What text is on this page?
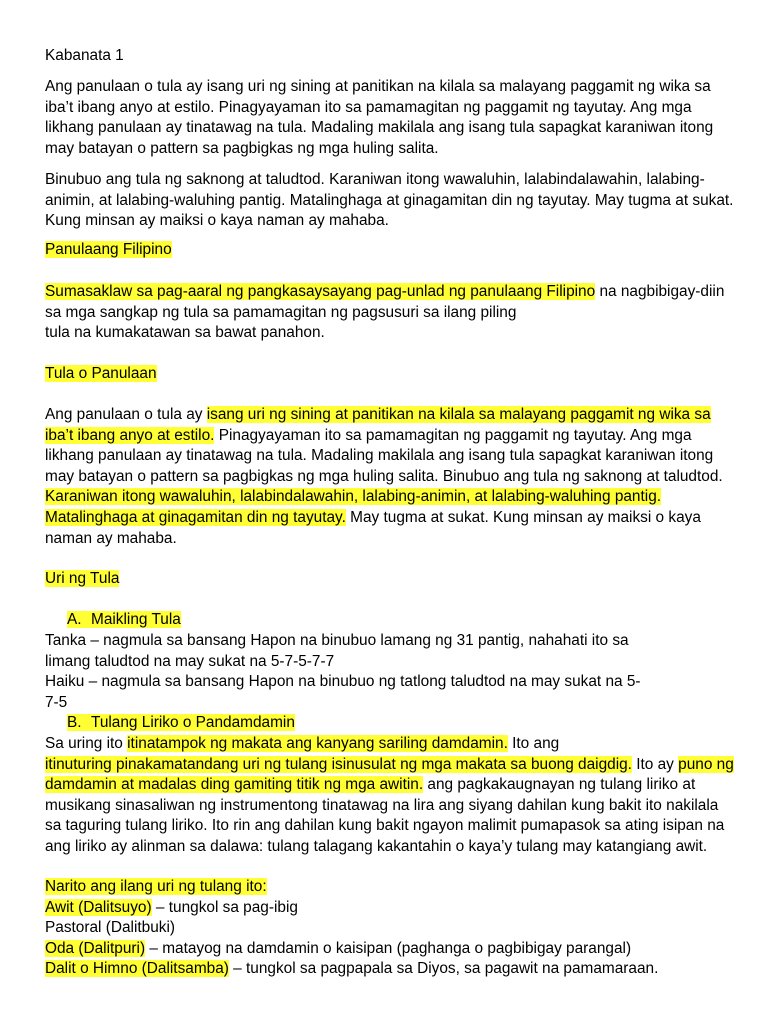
Kabanata 1

Ang panulaan o tula ay isang uri ng sining at panitikan na kilala sa malayang paggamit ng wika sa iba’t ibang anyo at estilo. Pinagyayaman ito sa pamamagitan ng paggamit ng tayutay. Ang mga likhang panulaan ay tinatawag na tula. Madaling makilala ang isang tula sapagkat karaniwan itong may batayan o pattern sa pagbigkas ng mga huling salita.

Binubuo ang tula ng saknong at taludtod. Karaniwan itong wawaluhin, lalabindalawahin, lalabing-animin, at lalabing-waluhing pantig. Matalinghaga at ginagamitan din ng tayutay. May tugma at sukat. Kung minsan ay maiksi o kaya naman ay mahaba.

Panulaang Filipino

Sumasaklaw sa pag-aaral ng pangkasaysayang pag-unlad ng panulaang Filipino na nagbibigay-diin sa mga sangkap ng tula sa pamamagitan ng pagsusuri sa ilang piling
tula na kumakatawan sa bawat panahon.

Tula o Panulaan

Ang panulaan o tula ay isang uri ng sining at panitikan na kilala sa malayang paggamit ng wika sa iba’t ibang anyo at estilo. Pinagyayaman ito sa pamamagitan ng paggamit ng tayutay. Ang mga likhang panulaan ay tinatawag na tula. Madaling makilala ang isang tula sapagkat karaniwan itong may batayan o pattern sa pagbigkas ng mga huling salita. Binubuo ang tula ng saknong at taludtod. Karaniwan itong wawaluhin, lalabindalawahin, lalabing-animin, at lalabing-waluhing pantig. Matalinghaga at ginagamitan din ng tayutay. May tugma at sukat. Kung minsan ay maiksi o kaya naman ay mahaba.

Uri ng Tula

A. Maikling Tula

Tanka – nagmula sa bansang Hapon na binubuo lamang ng 31 pantig, nahahati ito sa
limang taludtod na may sukat na 5-7-5-7-7

Haiku – nagmula sa bansang Hapon na binubuo ng tatlong taludtod na may sukat na 5-
7-5

B. Tulang Liriko o Pandamdamin

Sa uring ito itinatampok ng makata ang kanyang sariling damdamin. Ito ang
itinuturing pinakamatandang uri ng tulang isinusulat ng mga makata sa buong daigdig. Ito ay puno ng damdamin at madalas ding gamiting titik ng mga awitin. ang pagkakaugnayan ng tulang liriko at musikang sinasaliwan ng instrumentong tinatawag na lira ang siyang dahilan kung bakit ito nakilala sa taguring tulang liriko. Ito rin ang dahilan kung bakit ngayon malimit pumapasok sa ating isipan na ang liriko ay alinman sa dalawa: tulang talagang kakantahin o kaya’y tulang may katangiang awit.

Narito ang ilang uri ng tulang ito:

Awit (Dalitsuyo) – tungkol sa pag-ibig

Pastoral (Dalitbuki)

Oda (Dalitpuri) – matayog na damdamin o kaisipan (paghanga o pagbibigay parangal)

Dalit o Himno (Dalitsamba) – tungkol sa pagpapala sa Diyos, sa pagawit na pamamaraan.
